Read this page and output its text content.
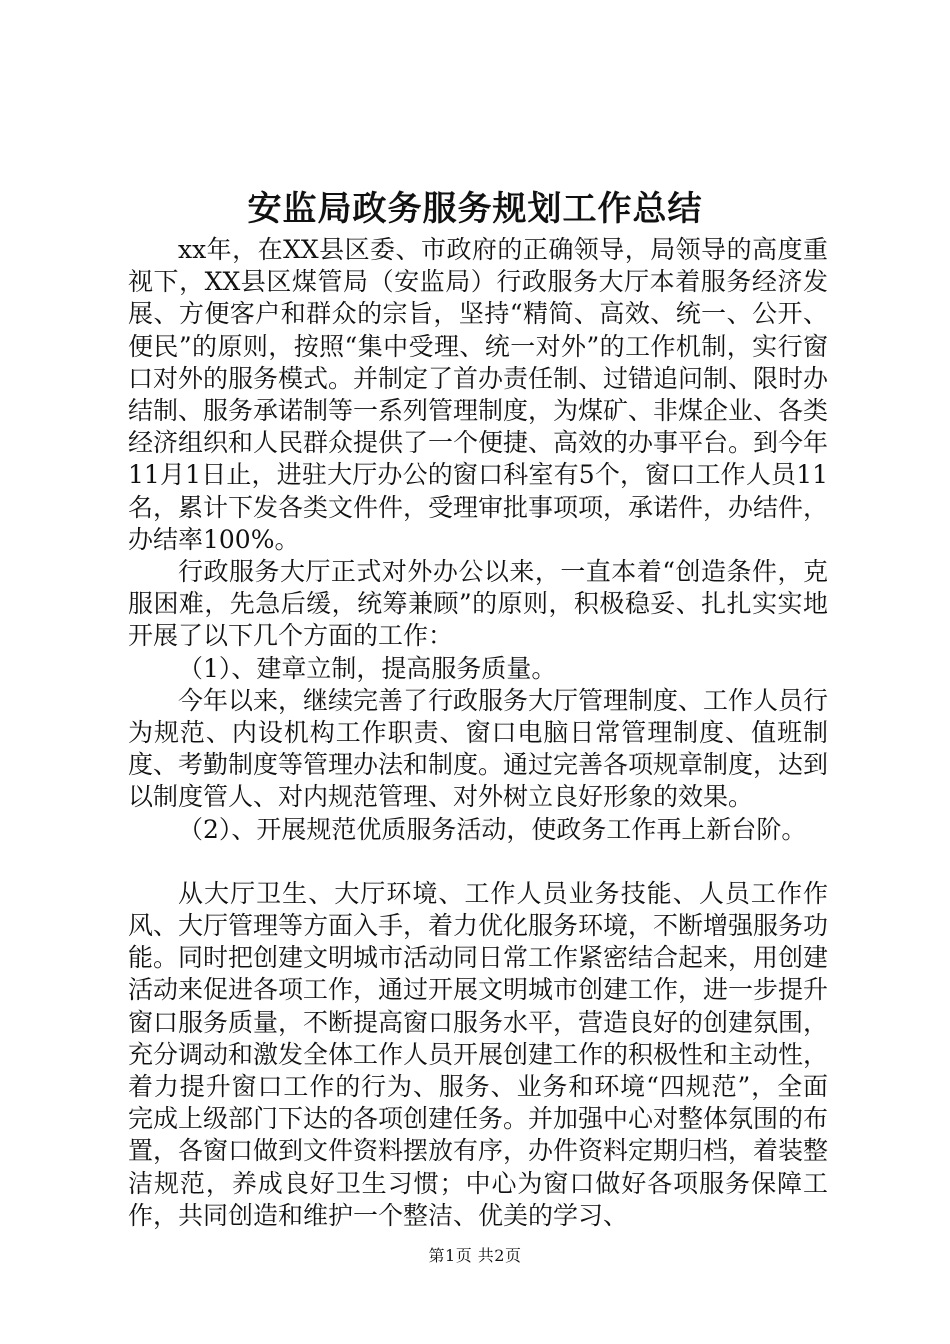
安监局政务服务规划工作总结

xx年，在XX县区委、市政府的正确领导，局领导的高度重视下，XX县区煤管局（安监局）行政服务大厅本着服务经济发展、方便客户和群众的宗旨，坚持“精简、高效、统一、公开、便民”的原则，按照“集中受理、统一对外”的工作机制，实行窗口对外的服务模式。并制定了首办责任制、过错追问制、限时办结制、服务承诺制等一系列管理制度，为煤矿、非煤企业、各类经济组织和人民群众提供了一个便捷、高效的办事平台。到今年11月1日止，进驻大厅办公的窗口科室有5个，窗口工作人员11名，累计下发各类文件件，受理审批事项项，承诺件，办结件，办结率100%。

行政服务大厅正式对外办公以来，一直本着“创造条件，克服困难，先急后缓，统筹兼顾”的原则，积极稳妥、扎扎实实地开展了以下几个方面的工作：

（1）、建章立制，提高服务质量。

今年以来，继续完善了行政服务大厅管理制度、工作人员行为规范、内设机构工作职责、窗口电脑日常管理制度、值班制度、考勤制度等管理办法和制度。通过完善各项规章制度，达到以制度管人、对内规范管理、对外树立良好形象的效果。

（2）、开展规范优质服务活动，使政务工作再上新台阶。

从大厅卫生、大厅环境、工作人员业务技能、人员工作作风、大厅管理等方面入手，着力优化服务环境，不断增强服务功能。同时把创建文明城市活动同日常工作紧密结合起来，用创建活动来促进各项工作，通过开展文明城市创建工作，进一步提升窗口服务质量，不断提高窗口服务水平，营造良好的创建氛围，充分调动和激发全体工作人员开展创建工作的积极性和主动性，着力提升窗口工作的行为、服务、业务和环境“四规范”，全面完成上级部门下达的各项创建任务。并加强中心对整体氛围的布置，各窗口做到文件资料摆放有序，办件资料定期归档，着装整洁规范，养成良好卫生习惯；中心为窗口做好各项服务保障工作，共同创造和维护一个整洁、优美的学习、

第1页 共2页
